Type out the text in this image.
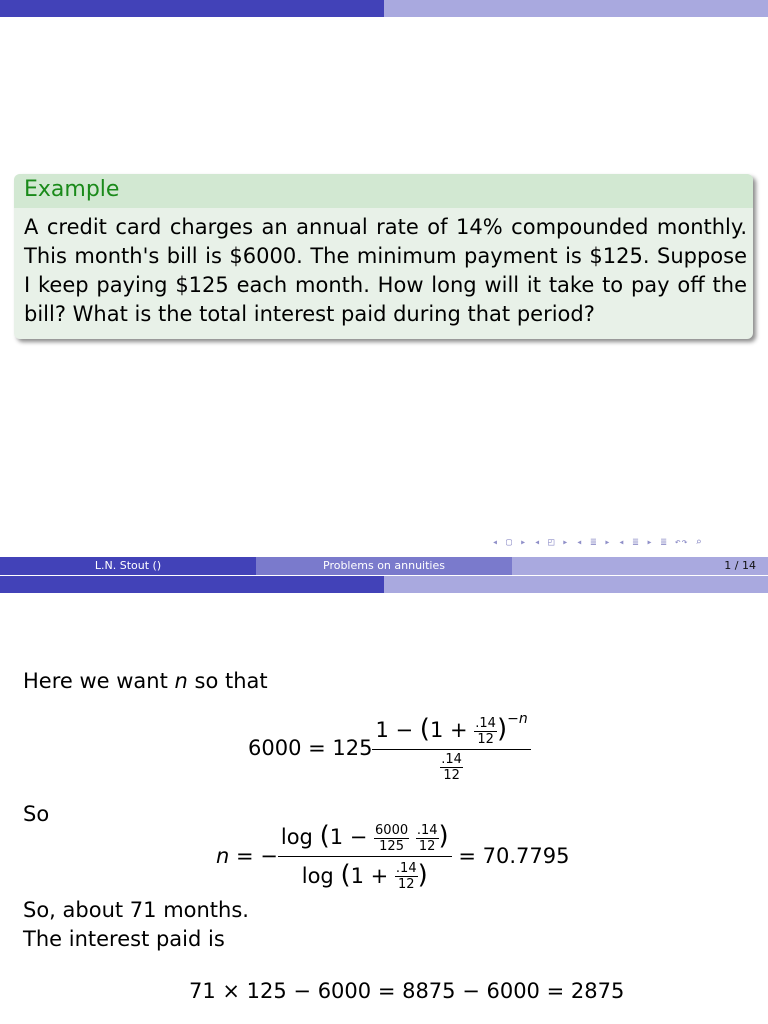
Example
A credit card charges an annual rate of 14% compounded monthly. This month's bill is $6000. The minimum payment is $125. Suppose I keep paying $125 each month. How long will it take to pay off the bill? What is the total interest paid during that period?
◂ ▢ ▸ ◂ ◰ ▸ ◂ ≣ ▸ ◂ ≣ ▸ ≣ ↶↷ ⌕
L.N. Stout ()	Problems on annuities	1 / 14
Here we want n so that
$6000 = 125 \frac{1 - (1 + \frac{.14}{12} )^{-n}}{\frac{.14}{12}}$
So
n = − $\log (1 - \frac{6000}{125}$
$\frac{.14}{12}$ )
$\log (1 + \frac{.14}{12}$ ) = 70.7795
So, about 71 months.
The interest paid is
71 × 125 − 6000 = 8875 − 6000 = 2875
